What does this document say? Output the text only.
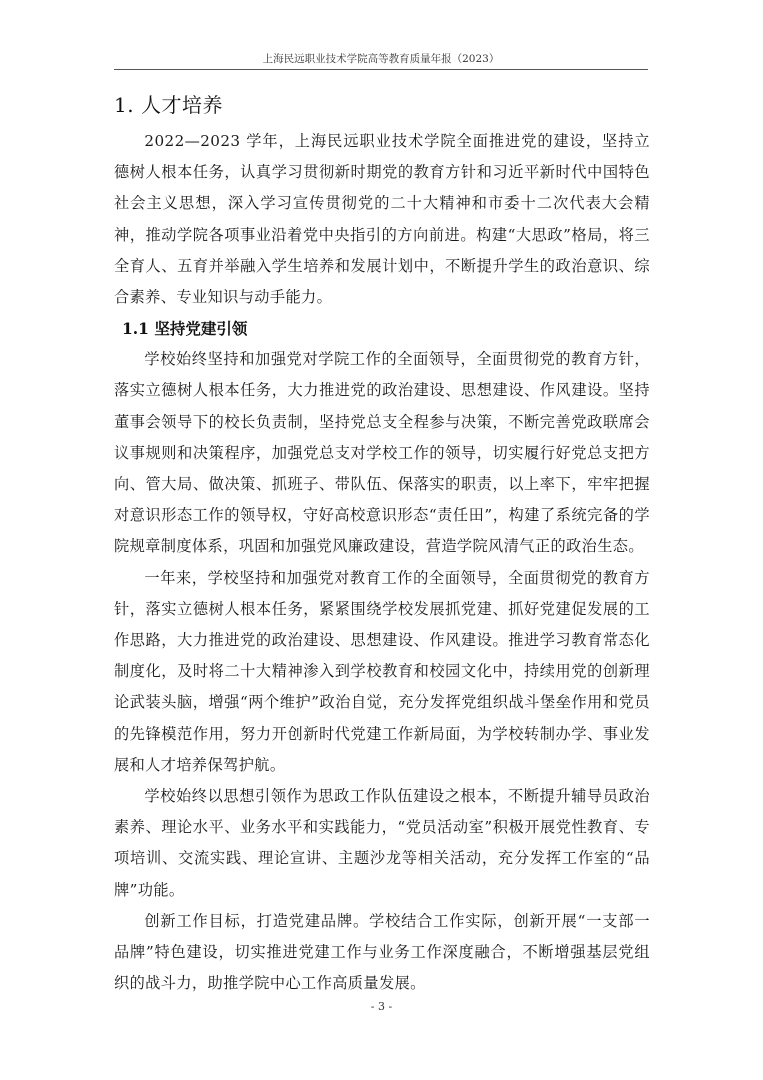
上海民远职业技术学院高等教育质量年报（2023）
1. 人才培养

2022—2023 学年，上海民远职业技术学院全面推进党的建设，坚持立德树人根本任务，认真学习贯彻新时期党的教育方针和习近平新时代中国特色社会主义思想，深入学习宣传贯彻党的二十大精神和市委十二次代表大会精神，推动学院各项事业沿着党中央指引的方向前进。构建“大思政”格局，将三全育人、五育并举融入学生培养和发展计划中，不断提升学生的政治意识、综合素养、专业知识与动手能力。

1.1 坚持党建引领

学校始终坚持和加强党对学院工作的全面领导，全面贯彻党的教育方针，落实立德树人根本任务，大力推进党的政治建设、思想建设、作风建设。坚持董事会领导下的校长负责制，坚持党总支全程参与决策，不断完善党政联席会议事规则和决策程序，加强党总支对学校工作的领导，切实履行好党总支把方向、管大局、做决策、抓班子、带队伍、保落实的职责，以上率下，牢牢把握对意识形态工作的领导权，守好高校意识形态“责任田”，构建了系统完备的学院规章制度体系，巩固和加强党风廉政建设，营造学院风清气正的政治生态。

一年来，学校坚持和加强党对教育工作的全面领导，全面贯彻党的教育方针，落实立德树人根本任务，紧紧围绕学校发展抓党建、抓好党建促发展的工作思路，大力推进党的政治建设、思想建设、作风建设。推进学习教育常态化制度化，及时将二十大精神渗入到学校教育和校园文化中，持续用党的创新理论武装头脑，增强“两个维护”政治自觉，充分发挥党组织战斗堡垒作用和党员的先锋模范作用，努力开创新时代党建工作新局面，为学校转制办学、事业发展和人才培养保驾护航。

学校始终以思想引领作为思政工作队伍建设之根本，不断提升辅导员政治素养、理论水平、业务水平和实践能力，“党员活动室”积极开展党性教育、专项培训、交流实践、理论宣讲、主题沙龙等相关活动，充分发挥工作室的“品牌”功能。

创新工作目标，打造党建品牌。学校结合工作实际，创新开展“一支部一品牌”特色建设，切实推进党建工作与业务工作深度融合，不断增强基层党组织的战斗力，助推学院中心工作高质量发展。

- 3 -
